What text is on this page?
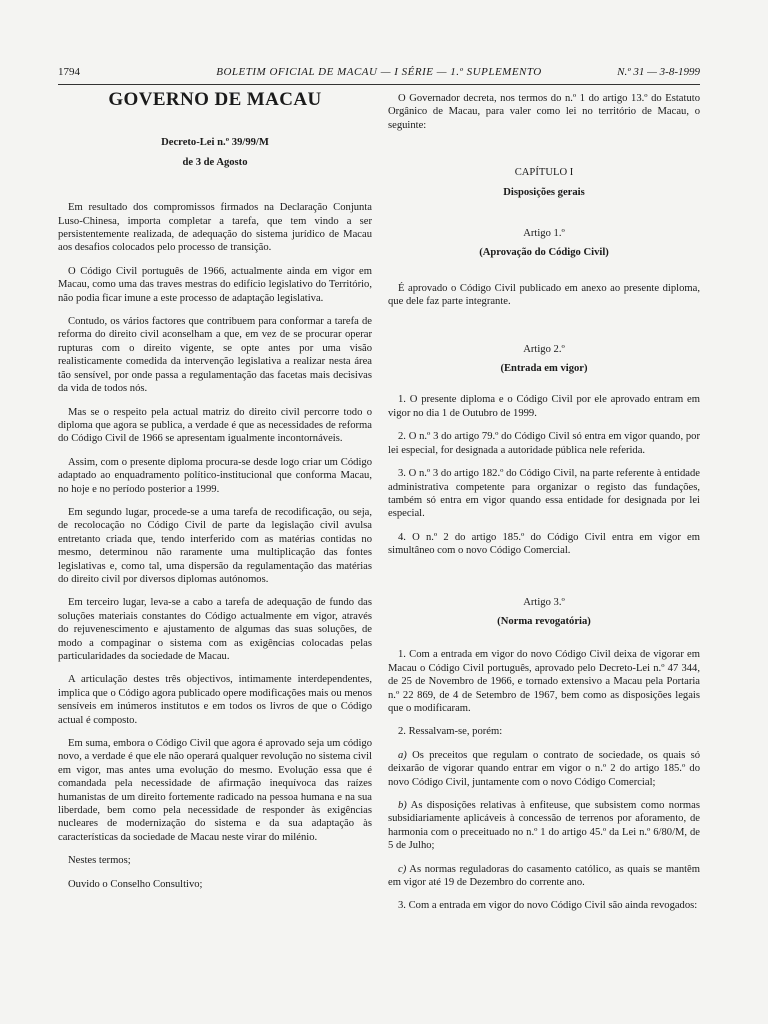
1794	BOLETIM OFICIAL DE MACAU — I SÉRIE — 1.º SUPLEMENTO	N.º 31 — 3-8-1999
GOVERNO DE MACAU
Decreto-Lei n.º 39/99/M
de 3 de Agosto

Em resultado dos compromissos firmados na Declaração Conjunta Luso-Chinesa, importa completar a tarefa, que tem vindo a ser persistentemente realizada, de adequação do sistema jurídico de Macau aos desafios colocados pelo processo de transição.

O Código Civil português de 1966, actualmente ainda em vigor em Macau, como uma das traves mestras do edifício legislativo do Território, não podia ficar imune a este processo de adaptação legislativa.

Contudo, os vários factores que contribuem para conformar a tarefa de reforma do direito civil aconselham a que, em vez de se procurar operar rupturas com o direito vigente, se opte antes por uma visão realisticamente comedida da intervenção legislativa a realizar nesta área tão sensível, por onde passa a regulamentação das facetas mais decisivas da vida de todos nós.

Mas se o respeito pela actual matriz do direito civil percorre todo o diploma que agora se publica, a verdade é que as necessidades de reforma do Código Civil de 1966 se apresentam igualmente incontornáveis.

Assim, com o presente diploma procura-se desde logo criar um Código adaptado ao enquadramento político-institucional que conforma Macau, no hoje e no período posterior a 1999.

Em segundo lugar, procede-se a uma tarefa de recodificação, ou seja, de recolocação no Código Civil de parte da legislação civil avulsa entretanto criada que, tendo interferido com as matérias contidas no mesmo, determinou não raramente uma multiplicação das fontes legislativas e, como tal, uma dispersão da regulamentação das matérias do direito civil por diversos diplomas autónomos.

Em terceiro lugar, leva-se a cabo a tarefa de adequação de fundo das soluções materiais constantes do Código actualmente em vigor, através do rejuvenescimento e ajustamento de algumas das suas soluções, de modo a compaginar o sistema com as exigências colocadas pelas particularidades da sociedade de Macau.

A articulação destes três objectivos, intimamente interdependentes, implica que o Código agora publicado opere modificações mais ou menos sensíveis em inúmeros institutos e em todos os livros de que o Código actual é composto.

Em suma, embora o Código Civil que agora é aprovado seja um código novo, a verdade é que ele não operará qualquer revolução no sistema civil em vigor, mas antes uma evolução do mesmo. Evolução essa que é comandada pela necessidade de afirmação inequívoca das raízes humanistas de um direito fortemente radicado na pessoa humana e na sua liberdade, bem como pela necessidade de responder às exigências nucleares de modernização do sistema e da sua adaptação às características da sociedade de Macau neste virar do milénio.

Nestes termos;

Ouvido o Conselho Consultivo;

O Governador decreta, nos termos do n.º 1 do artigo 13.º do Estatuto Orgânico de Macau, para valer como lei no território de Macau, o seguinte:

CAPÍTULO I
Disposições gerais
Artigo 1.º
(Aprovação do Código Civil)

É aprovado o Código Civil publicado em anexo ao presente diploma, que dele faz parte integrante.

Artigo 2.º
(Entrada em vigor)

1. O presente diploma e o Código Civil por ele aprovado entram em vigor no dia 1 de Outubro de 1999.

2. O n.º 3 do artigo 79.º do Código Civil só entra em vigor quando, por lei especial, for designada a autoridade pública nele referida.

3. O n.º 3 do artigo 182.º do Código Civil, na parte referente à entidade administrativa competente para organizar o registo das fundações, também só entra em vigor quando essa entidade for designada por lei especial.

4. O n.º 2 do artigo 185.º do Código Civil entra em vigor em simultâneo com o novo Código Comercial.

Artigo 3.º
(Norma revogatória)

1. Com a entrada em vigor do novo Código Civil deixa de vigorar em Macau o Código Civil português, aprovado pelo Decreto-Lei n.º 47 344, de 25 de Novembro de 1966, e tornado extensivo a Macau pela Portaria n.º 22 869, de 4 de Setembro de 1967, bem como as disposições legais que o modificaram.

2. Ressalvam-se, porém:

a) Os preceitos que regulam o contrato de sociedade, os quais só deixarão de vigorar quando entrar em vigor o n.º 2 do artigo 185.º do novo Código Civil, juntamente com o novo Código Comercial;

b) As disposições relativas à enfiteuse, que subsistem como normas subsidiariamente aplicáveis à concessão de terrenos por aforamento, de harmonia com o preceituado no n.º 1 do artigo 45.º da Lei n.º 6/80/M, de 5 de Julho;

c) As normas reguladoras do casamento católico, as quais se mantêm em vigor até 19 de Dezembro do corrente ano.

3. Com a entrada em vigor do novo Código Civil são ainda revogados:
